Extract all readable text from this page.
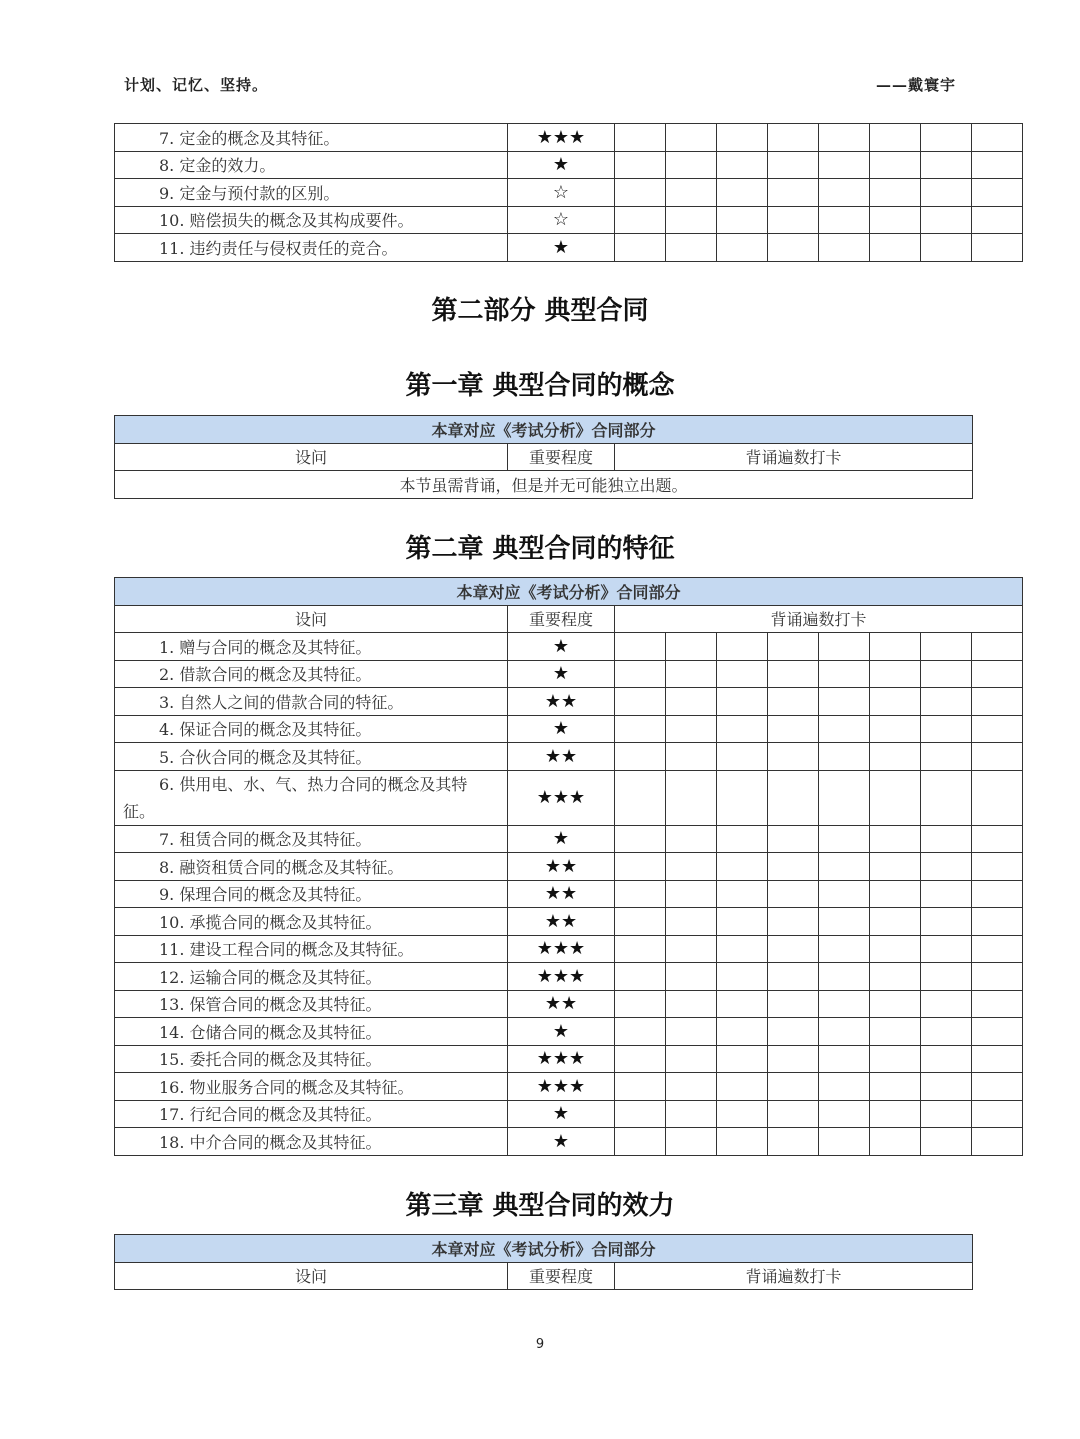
计划、记忆、坚持。	——戴寰宇
7. 定金的概念及其特征。	★★★								
8. 定金的效力。	★								
9. 定金与预付款的区别。	☆								
10. 赔偿损失的概念及其构成要件。	☆								
11. 违约责任与侵权责任的竞合。	★								
第二部分 典型合同
第一章 典型合同的概念
本章对应《考试分析》合同部分
设问	重要程度	背诵遍数打卡
本节虽需背诵，但是并无可能独立出题。
第二章 典型合同的特征
本章对应《考试分析》合同部分									
设问	重要程度	背诵遍数打卡							
1. 赠与合同的概念及其特征。	★								
2. 借款合同的概念及其特征。	★								
3. 自然人之间的借款合同的特征。	★★								
4. 保证合同的概念及其特征。	★								
5. 合伙合同的概念及其特征。	★★								
6. 供用电、水、气、热力合同的概念及其特征。	★★★								
7. 租赁合同的概念及其特征。	★								
8. 融资租赁合同的概念及其特征。	★★								
9. 保理合同的概念及其特征。	★★								
10. 承揽合同的概念及其特征。	★★								
11. 建设工程合同的概念及其特征。	★★★								
12. 运输合同的概念及其特征。	★★★								
13. 保管合同的概念及其特征。	★★								
14. 仓储合同的概念及其特征。	★								
15. 委托合同的概念及其特征。	★★★								
16. 物业服务合同的概念及其特征。	★★★								
17. 行纪合同的概念及其特征。	★								
18. 中介合同的概念及其特征。	★								
第三章 典型合同的效力
本章对应《考试分析》合同部分
设问	重要程度	背诵遍数打卡
9
